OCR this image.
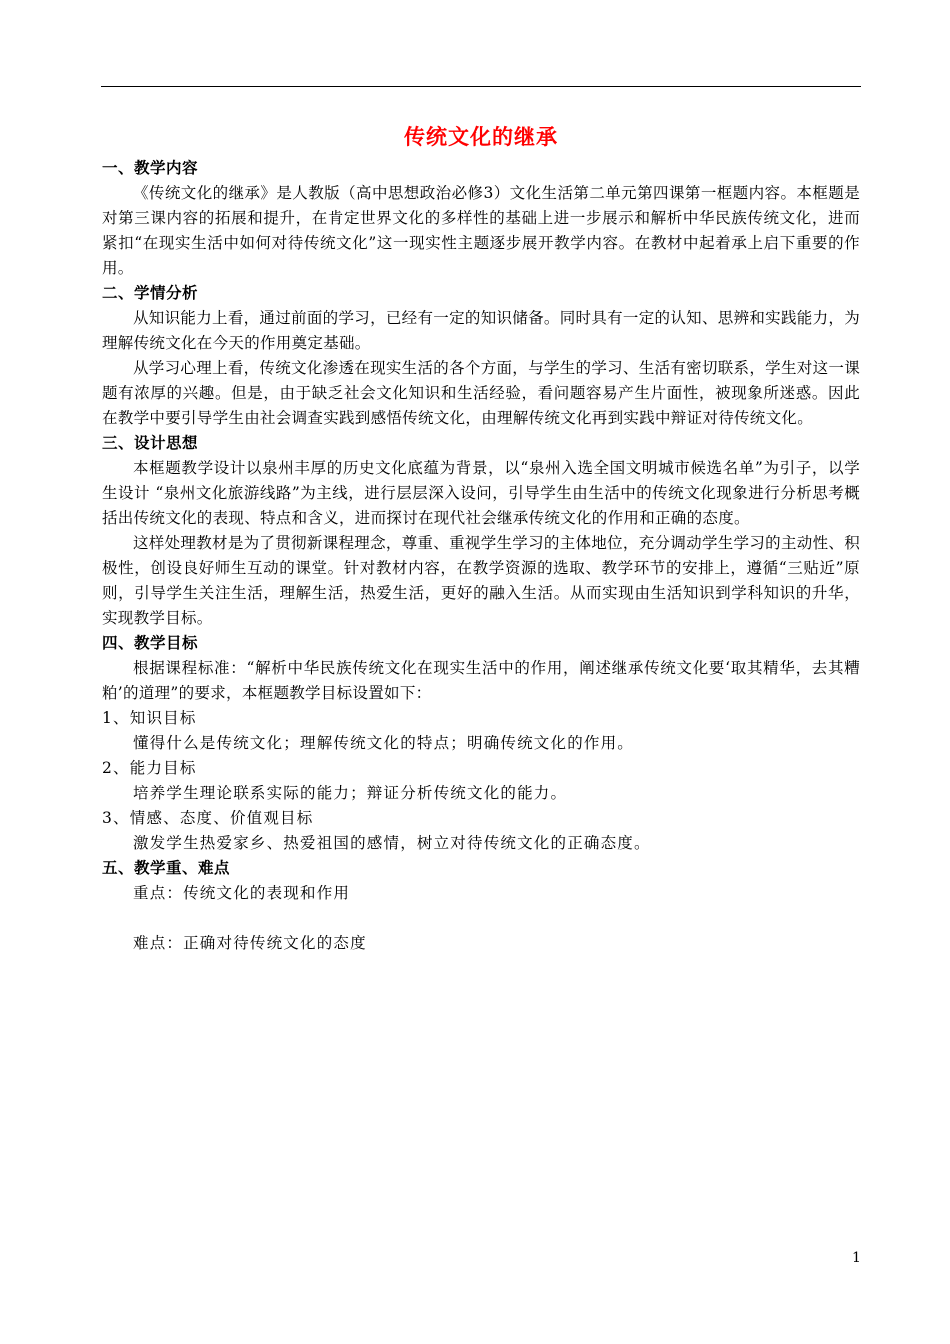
传统文化的继承
一、教学内容

《传统文化的继承》是人教版（高中思想政治必修3）文化生活第二单元第四课第一框题内容。本框题是对第三课内容的拓展和提升，在肯定世界文化的多样性的基础上进一步展示和解析中华民族传统文化，进而紧扣“在现实生活中如何对待传统文化”这一现实性主题逐步展开教学内容。在教材中起着承上启下重要的作用。

二、学情分析

从知识能力上看，通过前面的学习，已经有一定的知识储备。同时具有一定的认知、思辨和实践能力，为理解传统文化在今天的作用奠定基础。

从学习心理上看，传统文化渗透在现实生活的各个方面，与学生的学习、生活有密切联系，学生对这一课题有浓厚的兴趣。但是，由于缺乏社会文化知识和生活经验，看问题容易产生片面性，被现象所迷惑。因此在教学中要引导学生由社会调查实践到感悟传统文化，由理解传统文化再到实践中辩证对待传统文化。

三、设计思想

本框题教学设计以泉州丰厚的历史文化底蕴为背景，以“泉州入选全国文明城市候选名单”为引子，以学生设计 “泉州文化旅游线路”为主线，进行层层深入设问，引导学生由生活中的传统文化现象进行分析思考概括出传统文化的表现、特点和含义，进而探讨在现代社会继承传统文化的作用和正确的态度。

这样处理教材是为了贯彻新课程理念，尊重、重视学生学习的主体地位，充分调动学生学习的主动性、积极性，创设良好师生互动的课堂。针对教材内容，在教学资源的选取、教学环节的安排上，遵循“三贴近”原则，引导学生关注生活，理解生活，热爱生活，更好的融入生活。从而实现由生活知识到学科知识的升华，实现教学目标。

四、教学目标

根据课程标准：“解析中华民族传统文化在现实生活中的作用，阐述继承传统文化要‘取其精华，去其糟粕’的道理”的要求，本框题教学目标设置如下：

1、知识目标
懂得什么是传统文化；理解传统文化的特点；明确传统文化的作用。
2、能力目标
培养学生理论联系实际的能力；辩证分析传统文化的能力。
3、情感、态度、价值观目标
激发学生热爱家乡、热爱祖国的感情，树立对待传统文化的正确态度。
五、教学重、难点
重点：传统文化的表现和作用
难点：正确对待传统文化的态度
1
